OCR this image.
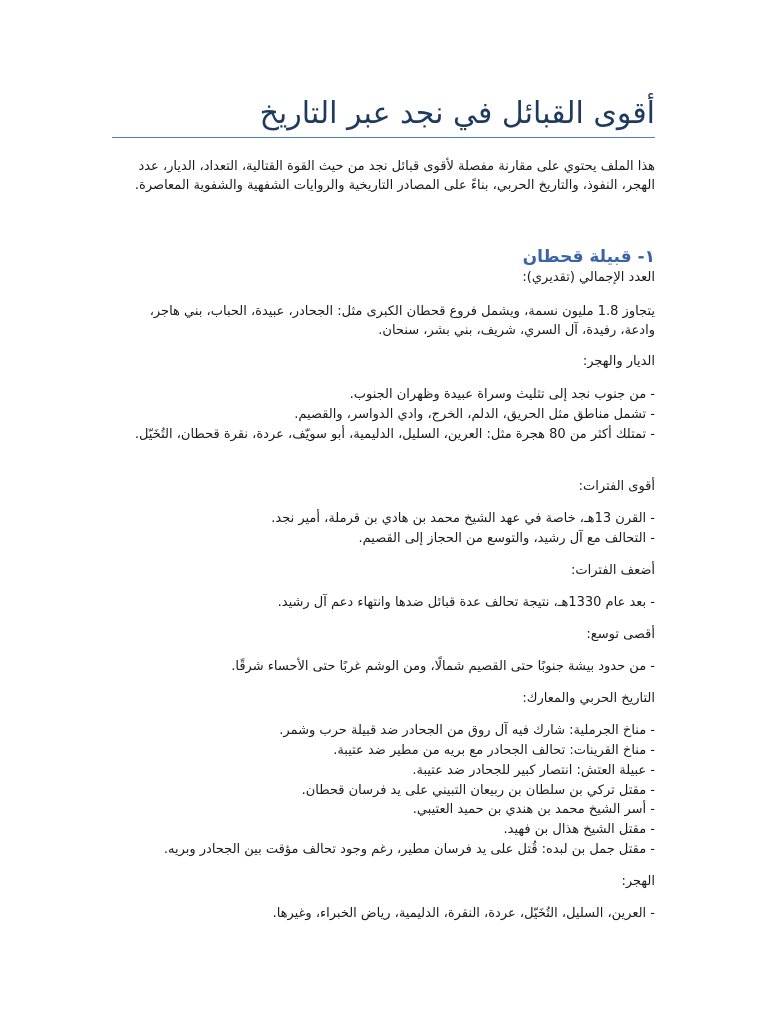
أقوى القبائل في نجد عبر التاريخ
هذا الملف يحتوي على مقارنة مفصلة لأقوى قبائل نجد من حيث القوة القتالية، التعداد، الديار، عدد الهجر، النفوذ، والتاريخ الحربي، بناءً على المصادر التاريخية والروايات الشفهية والشفوية المعاصرة.
١- قبيلة قحطان
العدد الإجمالي (تقديري):
يتجاوز 1.8 مليون نسمة، ويشمل فروع قحطان الكبرى مثل: الجحادر، عبيدة، الحباب، بني هاجر، وادعة، رفيدة، آل السري، شريف، بني بشر، سنحان.
الديار والهجر:
- من جنوب نجد إلى تثليث وسراة عبيدة وظهران الجنوب.
- تشمل مناطق مثل الحريق، الدلم، الخرج، وادي الدواسر، والقصيم.
- تمتلك أكثر من 80 هجرة مثل: العرين، السليل، الدليمية، أبو سويّف، عردة، نقرة قحطان، التُخَيّل.
أقوى الفترات:
- القرن 13هـ، خاصة في عهد الشيخ محمد بن هادي بن قرملة، أمير نجد.
- التحالف مع آل رشيد، والتوسع من الحجاز إلى القصيم.
أضعف الفترات:
- بعد عام 1330هـ، نتيجة تحالف عدة قبائل ضدها وانتهاء دعم آل رشيد.
أقصى توسع:
- من حدود بيشة جنوبًا حتى القصيم شمالًا، ومن الوشم غربًا حتى الأحساء شرقًا.
التاريخ الحربي والمعارك:
- مناخ الجرملية: شارك فيه آل روق من الجحادر ضد قبيلة حرب وشمر.
- مناخ القرينات: تحالف الجحادر مع بريه من مطير ضد عتيبة.
- عبيلة العتش: انتصار كبير للجحادر ضد عتيبة.
- مقتل تركي بن سلطان بن ربيعان التبيني على يد فرسان قحطان.
- أسر الشيخ محمد بن هندي بن حميد العتيبي.
- مقتل الشيخ هذال بن فهيد.
- مقتل جمل بن لبده: قُتل على يد فرسان مطير، رغم وجود تحالف مؤقت بين الجحادر وبريه.
الهجر:
- العرين، السليل، التُخَيّل، عردة، النقرة، الدليمية، رياض الخبراء، وغيرها.
